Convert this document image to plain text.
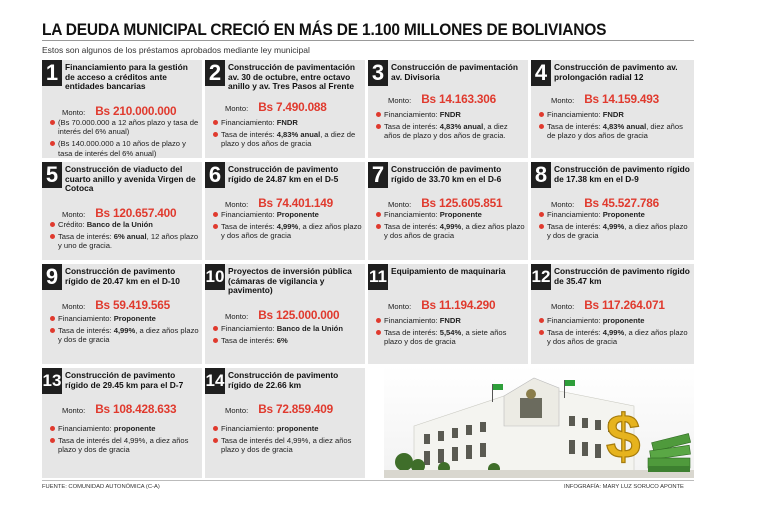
LA DEUDA MUNICIPAL CRECIÓ EN MÁS DE 1.100 MILLONES DE BOLIVIANOS
Estos son algunos de los préstamos aprobados mediante ley municipal
1 Financiamiento para la gestión de acceso a créditos ante entidades bancarias
Monto: Bs 210.000.000
(Bs 70.000.000 a 12 años plazo y tasa de interés del 6% anual)
(Bs 140.000.000 a 10 años de plazo y tasa de interés del 6% anual)
2 Construcción de pavimentación av. 30 de octubre, entre octavo anillo y av. Tres Pasos al Frente
Monto: Bs 7.490.088
Financiamiento: FNDR
Tasa de interés: 4,83% anual, a diez de plazo y dos años de gracia
3 Construcción de pavimentación av. Divisoria
Monto: Bs 14.163.306
Financiamiento: FNDR
Tasa de interés: 4,83% anual, a diez años de plazo y dos años de gracia.
4 Construcción de pavimento av. prolongación radial 12
Monto: Bs 14.159.493
Financiamiento: FNDR
Tasa de interés: 4,83% anual, diez años de plazo y dos años de gracia
5 Construcción de viaducto del cuarto anillo y avenida Virgen de Cotoca
Monto: Bs 120.657.400
Crédito: Banco de la Unión
Tasa de interés: 6% anual, 12 años plazo y uno de gracia.
6 Construcción de pavimento rígido de 24.87 km en el D-5
Monto: Bs 74.401.149
Financiamiento: Proponente
Tasa de interés: 4,99%, a diez años plazo y dos años de gracia
7 Construcción de pavimento rígido de 33.70 km en el D-6
Monto: Bs 125.605.851
Financiamiento: Proponente
Tasa de interés: 4,99%, a diez años plazo y dos años de gracia
8 Construcción de pavimento rígido de 17.38 km en el D-9
Monto: Bs 45.527.786
Financiamiento: Proponente
Tasa de interés: 4,99%, a diez años plazo y dos de gracia
9 Construcción de pavimento rígido de 20.47 km en el D-10
Monto: Bs 59.419.565
Financiamiento: Proponente
Tasa de interés: 4,99%, a diez años plazo y dos de gracia
10 Proyectos de inversión pública (cámaras de vigilancia y pavimento)
Monto: Bs 125.000.000
Financiamiento: Banco de la Unión
Tasa de interés: 6%
11 Equipamiento de maquinaria
Monto: Bs 11.194.290
Financiamiento: FNDR
Tasa de interés: 5,54%, a siete años plazo y dos de gracia
12 Construcción de pavimento rígido de 35.47 km
Monto: Bs 117.264.071
Financiamiento: proponente
Tasa de interés: 4,99%, a diez años plazo y dos años de gracia
13 Construcción de pavimento rígido de 29.45 km para el D-7
Monto: Bs 108.428.633
Financiamiento: proponente
Tasa de interés del 4,99%, a diez años plazo y dos de gracia
14 Construcción de pavimento rígido de 22.66 km
Monto: Bs 72.859.409
Financiamiento: proponente
Tasa de interés del 4,99%, a diez años plazo y dos de gracia	$
FUENTE: COMUNIDAD AUTONÓMICA (C-A)	INFOGRAFÍA: MARY LUZ SORUCO APONTE
